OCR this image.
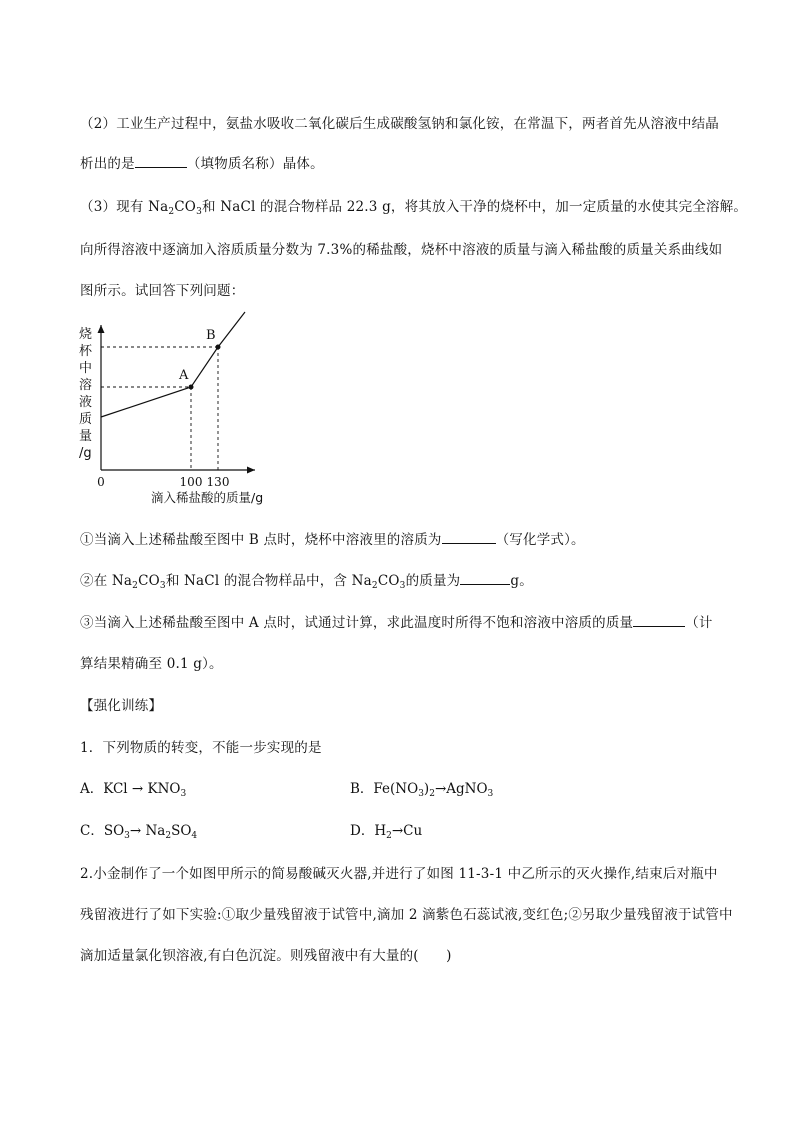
（2）工业生产过程中，氨盐水吸收二氧化碳后生成碳酸氢钠和氯化铵，在常温下，两者首先从溶液中结晶
析出的是	（填物质名称）晶体。
（3）现有 $Na_2CO_3$和 NaCl 的混合物样品 22.3 g，将其放入干净的烧杯中，加一定质量的水使其完全溶解。
向所得溶液中逐滴加入溶质质量分数为 7.3%的稀盐酸，烧杯中溶液的质量与滴入稀盐酸的质量关系曲线如
图所示。试回答下列问题：
A
B
0	100 130
滴入稀盐酸的质量/g
烧
杯
中
溶
液
质
量
/g
①当滴入上述稀盐酸至图中 B 点时，烧杯中溶液里的溶质为	（写化学式）。
②在 $Na_2CO_3$和 NaCl 的混合物样品中，含 $Na_2CO_3$的质量为	g。
③当滴入上述稀盐酸至图中 A 点时，试通过计算，求此温度时所得不饱和溶液中溶质的质量	（计
算结果精确至 0.1 g）。
【强化训练】
1．下列物质的转变，不能一步实现的是
A．KCl → $KNO_3$	B．$Fe(NO_3)_2\to AgNO_3$
C．$SO_3\to Na_2SO_4$	D．$H_2\to Cu$
2.小金制作了一个如图甲所示的简易酸碱灭火器,并进行了如图 11-3-1 中乙所示的灭火操作,结束后对瓶中
残留液进行了如下实验:①取少量残留液于试管中,滴加 2 滴紫色石蕊试液,变红色;②另取少量残留液于试管中
滴加适量氯化钡溶液,有白色沉淀。则残留液中有大量的(　　)
